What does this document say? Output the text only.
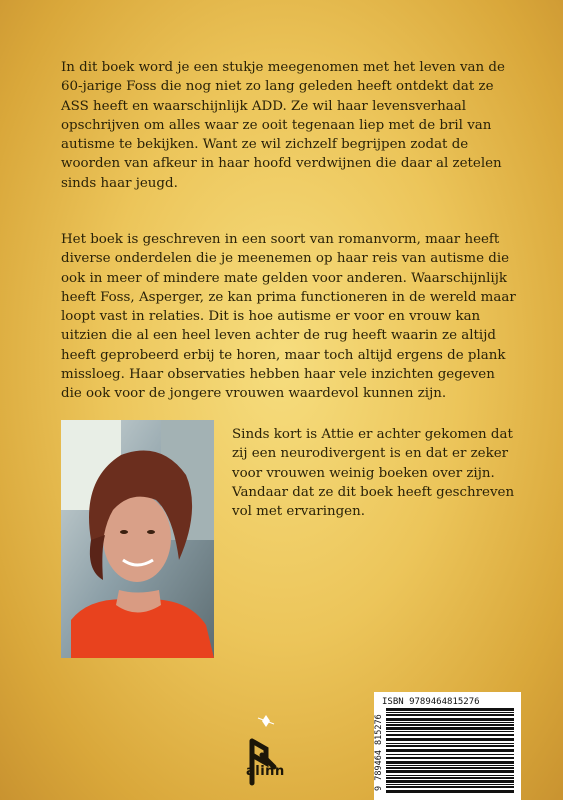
In dit boek word je een stukje meegenomen met het leven van de 60-jarige Foss die nog niet zo lang geleden heeft ontdekt dat ze ASS heeft en waarschijnlijk ADD. Ze wil haar levensverhaal opschrijven om alles waar ze ooit tegenaan liep met de bril van autisme te bekijken. Want ze wil zichzelf begrijpen zodat de woorden van afkeur in haar hoofd verdwijnen die daar al zetelen sinds haar jeugd.

Het boek is geschreven in een soort van romanvorm, maar heeft diverse onderdelen die je meenemen op haar reis van autisme die ook in meer of mindere mate gelden voor anderen. Waarschijnlijk heeft Foss, Asperger, ze kan prima functioneren in de wereld maar loopt vast in relaties. Dit is hoe autisme er voor en vrouw kan uitzien die al een heel leven achter de rug heeft waarin ze altijd heeft geprobeerd erbij te horen, maar toch altijd ergens de plank missloeg. Haar observaties hebben haar vele inzichten gegeven die ook voor de jongere vrouwen waardevol kunnen zijn.

Sinds kort is Attie er achter gekomen dat zij een neurodivergent is en dat er zeker voor vrouwen weinig boeken over zijn. Vandaar dat ze dit boek heeft geschreven vol met ervaringen.

alinn
ISBN 9789464815276
9 789464 815276
